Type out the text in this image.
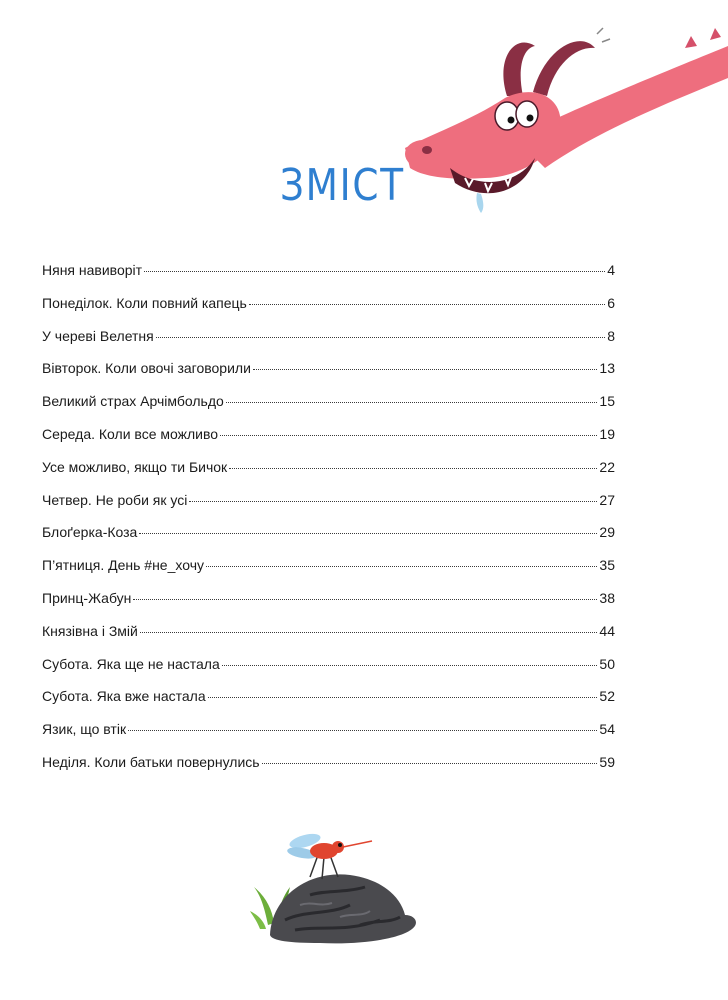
ЗМІСТ
Няня навиворіт	4
Понеділок. Коли повний капець	6
У череві Велетня	8
Вівторок. Коли овочі заговорили	13
Великий страх Арчімбольдо	15
Середа. Коли все можливо	19
Усе можливо, якщо ти Бичок	22
Четвер. Не роби як усі	27
Блоґерка-Коза	29
П’ятниця. День #не_хочу	35
Принц-Жабун	38
Князівна і Змій	44
Субота. Яка ще не настала	50
Субота. Яка вже настала	52
Язик, що втік	54
Неділя. Коли батьки повернулись	59
